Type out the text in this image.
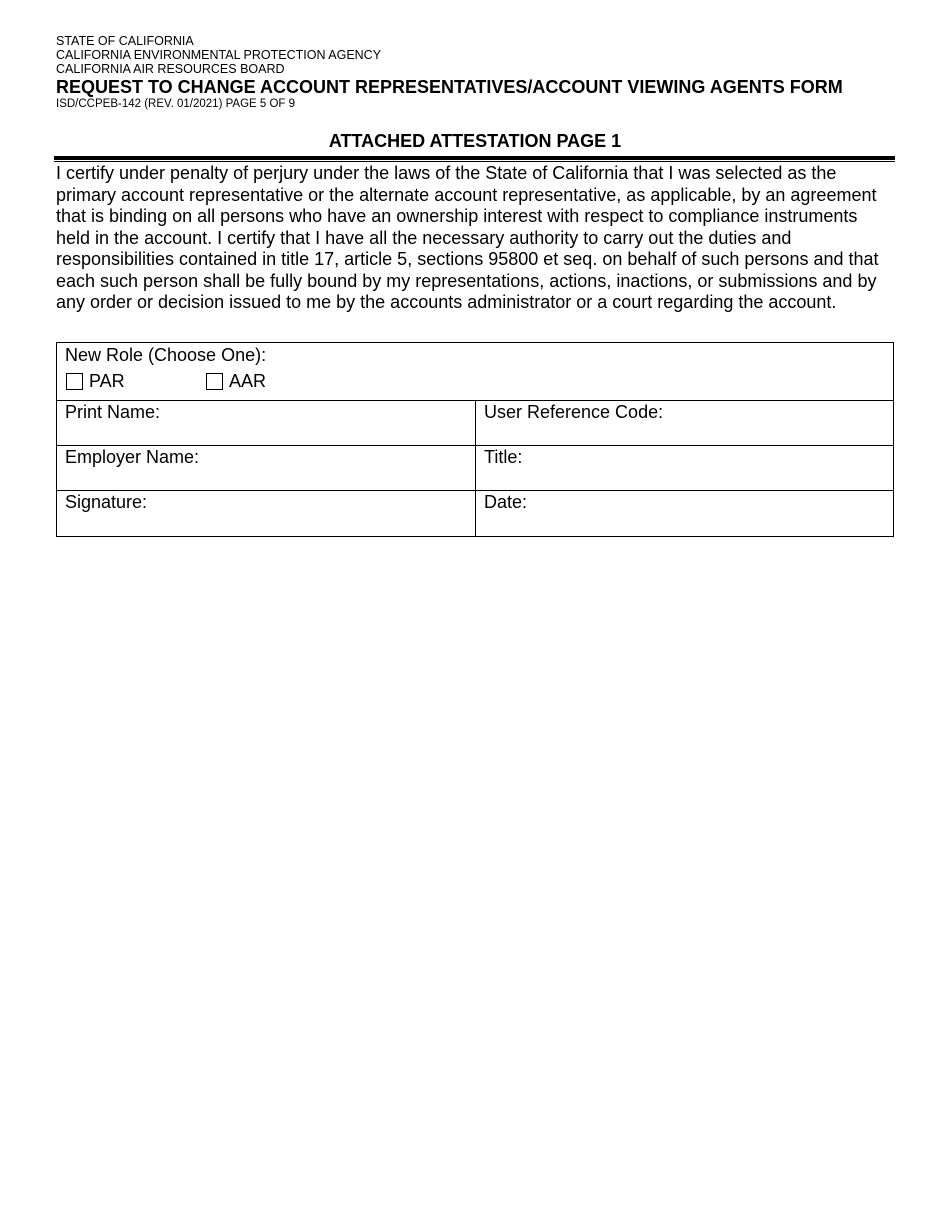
STATE OF CALIFORNIA
CALIFORNIA ENVIRONMENTAL PROTECTION AGENCY
CALIFORNIA AIR RESOURCES BOARD
REQUEST TO CHANGE ACCOUNT REPRESENTATIVES/ACCOUNT VIEWING AGENTS FORM
ISD/CCPEB-142 (REV. 01/2021) PAGE 5 OF 9
ATTACHED ATTESTATION PAGE 1

I certify under penalty of perjury under the laws of the State of California that I was selected as the primary account representative or the alternate account representative, as applicable, by an agreement that is binding on all persons who have an ownership interest with respect to compliance instruments held in the account. I certify that I have all the necessary authority to carry out the duties and responsibilities contained in title 17, article 5, sections 95800 et seq. on behalf of such persons and that each such person shall be fully bound by my representations, actions, inactions, or submissions and by any order or decision issued to me by the accounts administrator or a court regarding the account.

New Role (Choose One):
PAR	AAR
Print Name:	User Reference Code:
Employer Name:	Title:
Signature:	Date:
